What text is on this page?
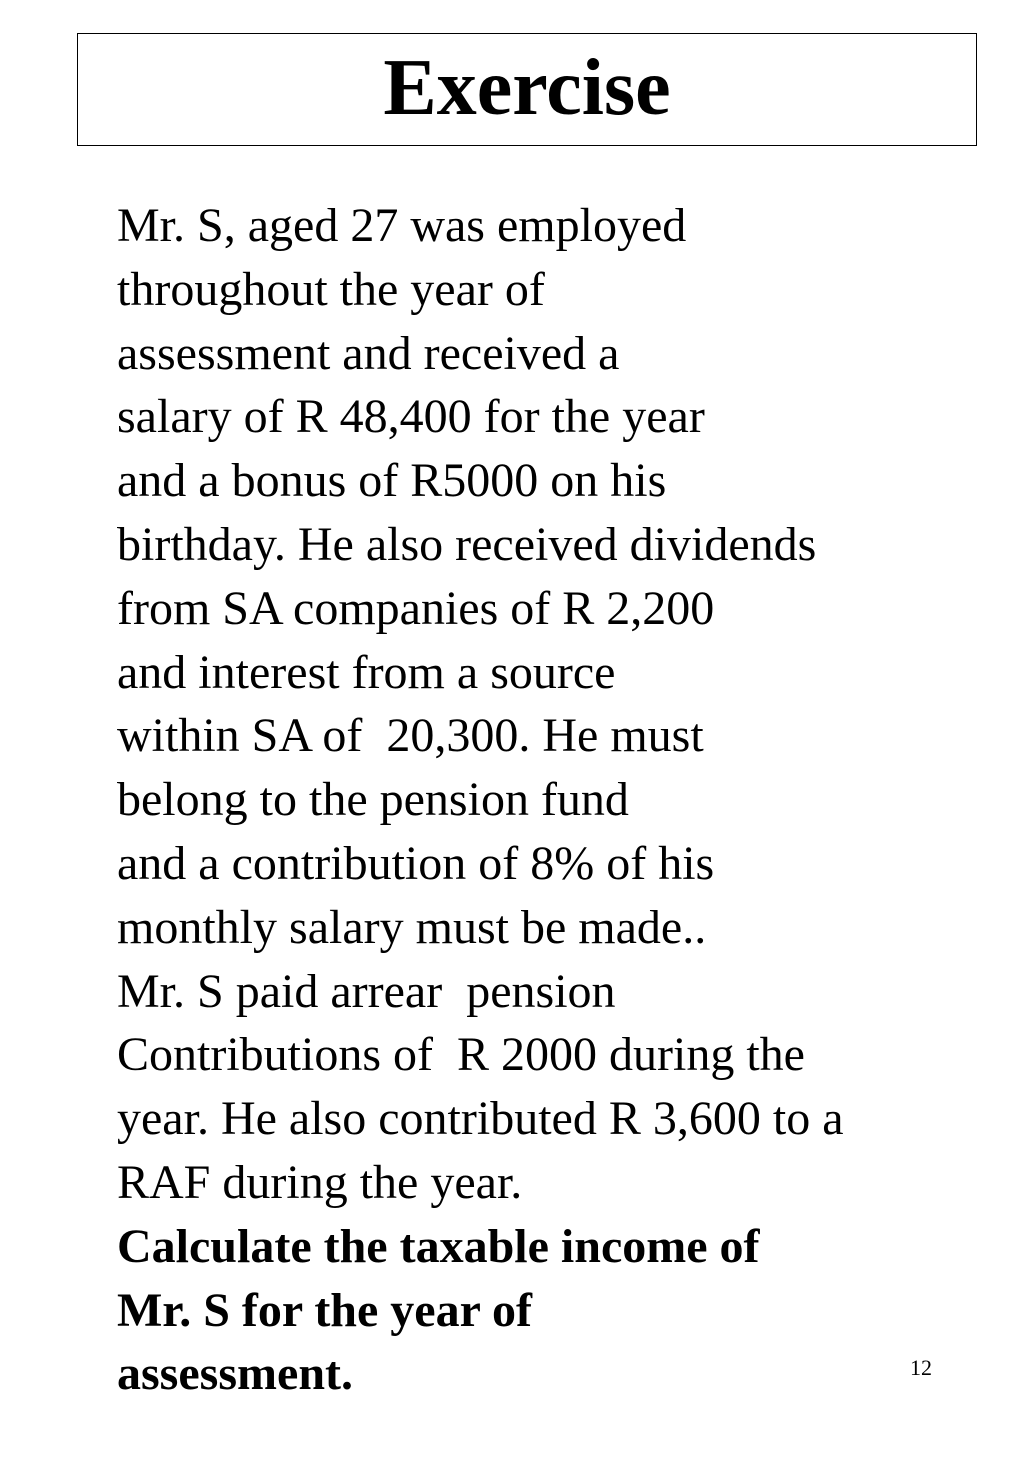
Exercise
Mr. S, aged 27 was employed
throughout the year of
assessment and received a
salary of R 48,400 for the year
and a bonus of R5000 on his
birthday. He also received dividends
from SA companies of R 2,200
and interest from a source
within SA of  20,300. He must
belong to the pension fund
and a contribution of 8% of his
monthly salary must be made..
Mr. S paid arrear  pension
Contributions of  R 2000 during the
year. He also contributed R 3,600 to a
RAF during the year.
Calculate the taxable income of
Mr. S for the year of
assessment.	12
